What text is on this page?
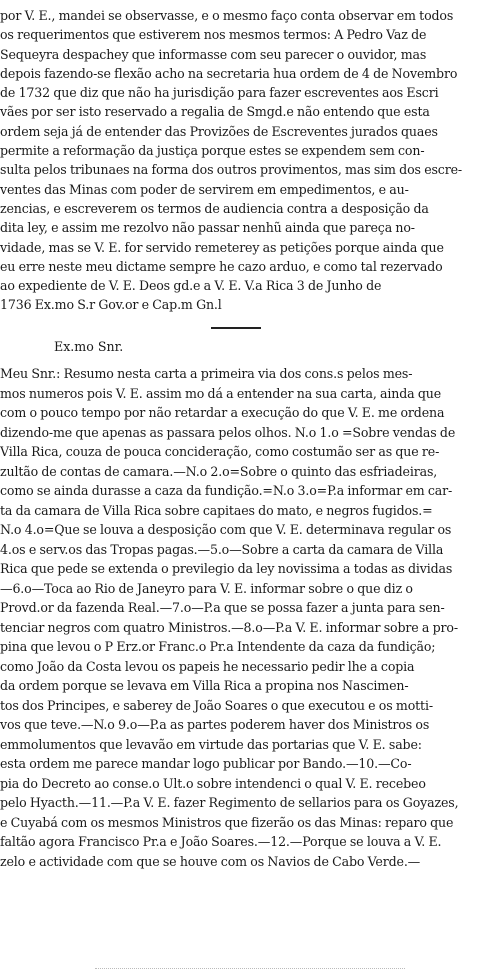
por V. E., mandei se observasse, e o mesmo faço conta observar em todos
os requerimentos que estiverem nos mesmos termos: A Pedro Vaz de
Sequeyra despachey que informasse com seu parecer o ouvidor, mas
depois fazendo-se flexão acho na secretaria hua ordem de 4 de Novembro
de 1732 que diz que não ha jurisdição para fazer escreventes aos Escri
vães por ser isto reservado a regalia de Smgd.e não entendo que esta
ordem seja já de entender das Provizões de Escreventes jurados quaes
permite a reformação da justiça porque estes se expendem sem con-
sulta pelos tribunaes na forma dos outros provimentos, mas sim dos escre-
ventes das Minas com poder de servirem em empedimentos, e au-
zencias, e escreverem os termos de audiencia contra a desposição da
dita ley, e assim me rezolvo não passar nenhũ ainda que pareça no-
vidade, mas se V. E. for servido remeterey as petições porque ainda que
eu erre neste meu dictame sempre he cazo arduo, e como tal rezervado
ao expediente de V. E. Deos gd.e a V. E. V.a Rica 3 de Junho de
1736 Ex.mo S.r Gov.or e Cap.m Gn.l
Ex.mo Snr.
Meu Snr.: Resumo nesta carta a primeira via dos cons.s pelos mes-
mos numeros pois V. E. assim mo dá a entender na sua carta, ainda que
com o pouco tempo por não retardar a execução do que V. E. me ordena
dizendo-me que apenas as passara pelos olhos. N.o 1.o =Sobre vendas de
Villa Rica, couza de pouca concideração, como costumão ser as que re-
zultão de contas de camara.—N.o 2.o=Sobre o quinto das esfriadeiras,
como se ainda durasse a caza da fundição.=N.o 3.o=P.a informar em car-
ta da camara de Villa Rica sobre capitaes do mato, e negros fugidos.=
N.o 4.o=Que se louva a desposição com que V. E. determinava regular os
4.os e serv.os das Tropas pagas.—5.o—Sobre a carta da camara de Villa
Rica que pede se extenda o previlegio da ley novissima a todas as dividas
—6.o—Toca ao Rio de Janeyro para V. E. informar sobre o que diz o
Provd.or da fazenda Real.—7.o—P.a que se possa fazer a junta para sen-
tenciar negros com quatro Ministros.—8.o—P.a V. E. informar sobre a pro-
pina que levou o P Erz.or Franc.o Pr.a Intendente da caza da fundição;
como João da Costa levou os papeis he necessario pedir lhe a copia
da ordem porque se levava em Villa Rica a propina nos Nascimen-
tos dos Principes, e saberey de João Soares o que executou e os motti-
vos que teve.—N.o 9.o—P.a as partes poderem haver dos Ministros os
emmolumentos que levavão em virtude das portarias que V. E. sabe:
esta ordem me parece mandar logo publicar por Bando.—10.—Co-
pia do Decreto ao conse.o Ult.o sobre intendenci o qual V. E. recebeo
pelo Hyacth.—11.—P.a V. E. fazer Regimento de sellarios para os Goyazes,
e Cuyabá com os mesmos Ministros que fizerão os das Minas: reparo que
faltão agora Francisco Pr.a e João Soares.—12.—Porque se louva a V. E.
zelo e actividade com que se houve com os Navios de Cabo Verde.—
